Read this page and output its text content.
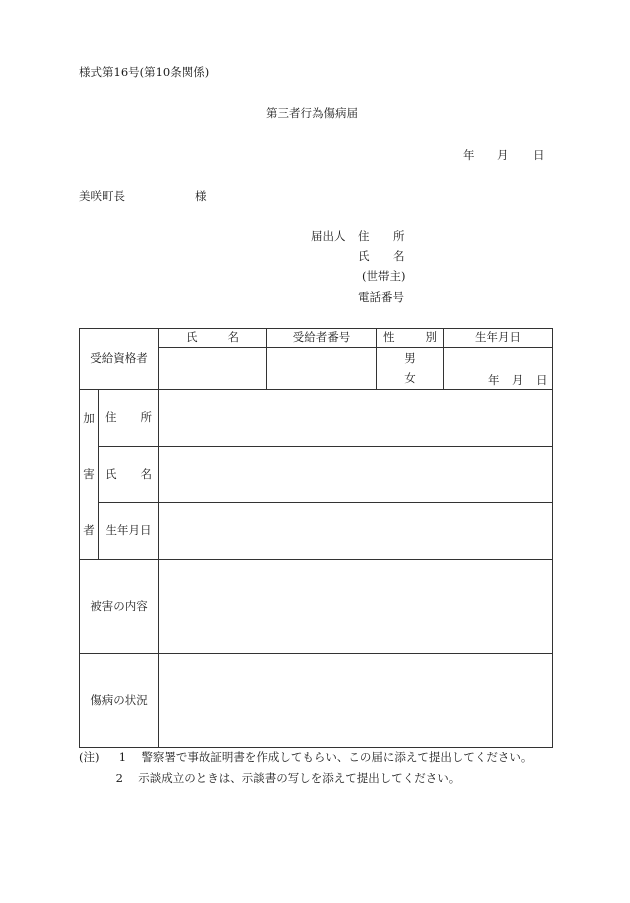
様式第16号(第10条関係)
第三者行為傷病届
年 月 日
美咲町長	様
届出人 住 所
氏 名
(世帯主)
電話番号
受給資格者		氏 名	受給者番号	性 別	生年月日
				男	年 月 日

				女	
加	住 所				

害	氏 名				

者	生年月日				
被害の内容					
傷病の状況					
(注) 1 警察署で事故証明書を作成してもらい、この届に添えて提出してください。
2 示談成立のときは、示談書の写しを添えて提出してください。
